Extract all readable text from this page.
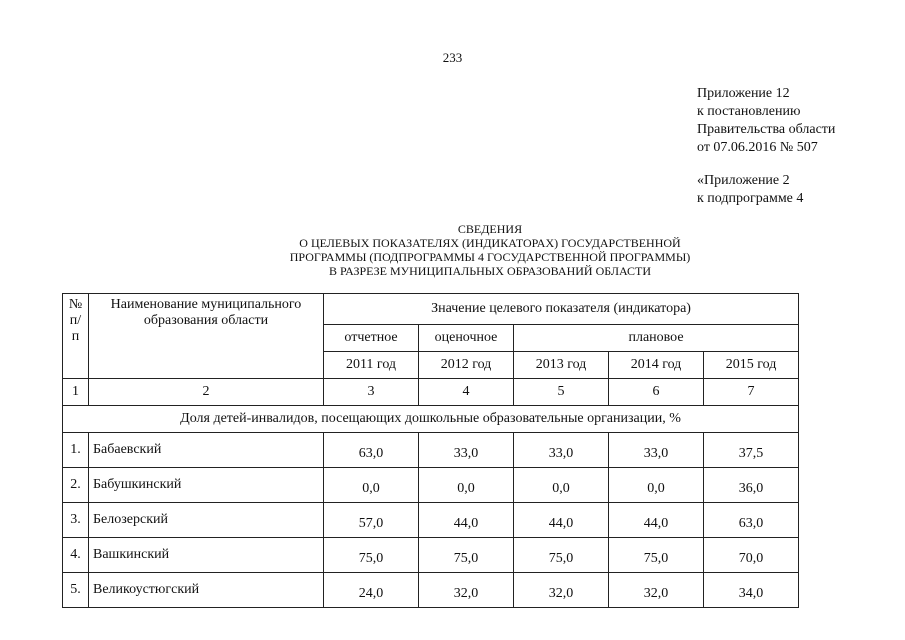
233
Приложение 12
к постановлению
Правительства области
от 07.06.2016 № 507
«Приложение 2
к подпрограмме 4
СВЕДЕНИЯ
О ЦЕЛЕВЫХ ПОКАЗАТЕЛЯХ (ИНДИКАТОРАХ) ГОСУДАРСТВЕННОЙ
ПРОГРАММЫ (ПОДПРОГРАММЫ 4 ГОСУДАРСТВЕННОЙ ПРОГРАММЫ)
В РАЗРЕЗЕ МУНИЦИПАЛЬНЫХ ОБРАЗОВАНИЙ ОБЛАСТИ
№ п/п	Наименование муниципального образования области	Значение целевого показателя (индикатора)				
		отчетное	оценочное	плановое		
		2011 год	2012 год	2013 год	2014 год	2015 год
1	2	3	4	5	6	7
Доля детей-инвалидов, посещающих дошкольные образовательные организации, %						
1.	Бабаевский	63,0	33,0	33,0	33,0	37,5
2.	Бабушкинский	0,0	0,0	0,0	0,0	36,0
3.	Белозерский	57,0	44,0	44,0	44,0	63,0
4.	Вашкинский	75,0	75,0	75,0	75,0	70,0
5.	Великоустюгский	24,0	32,0	32,0	32,0	34,0
